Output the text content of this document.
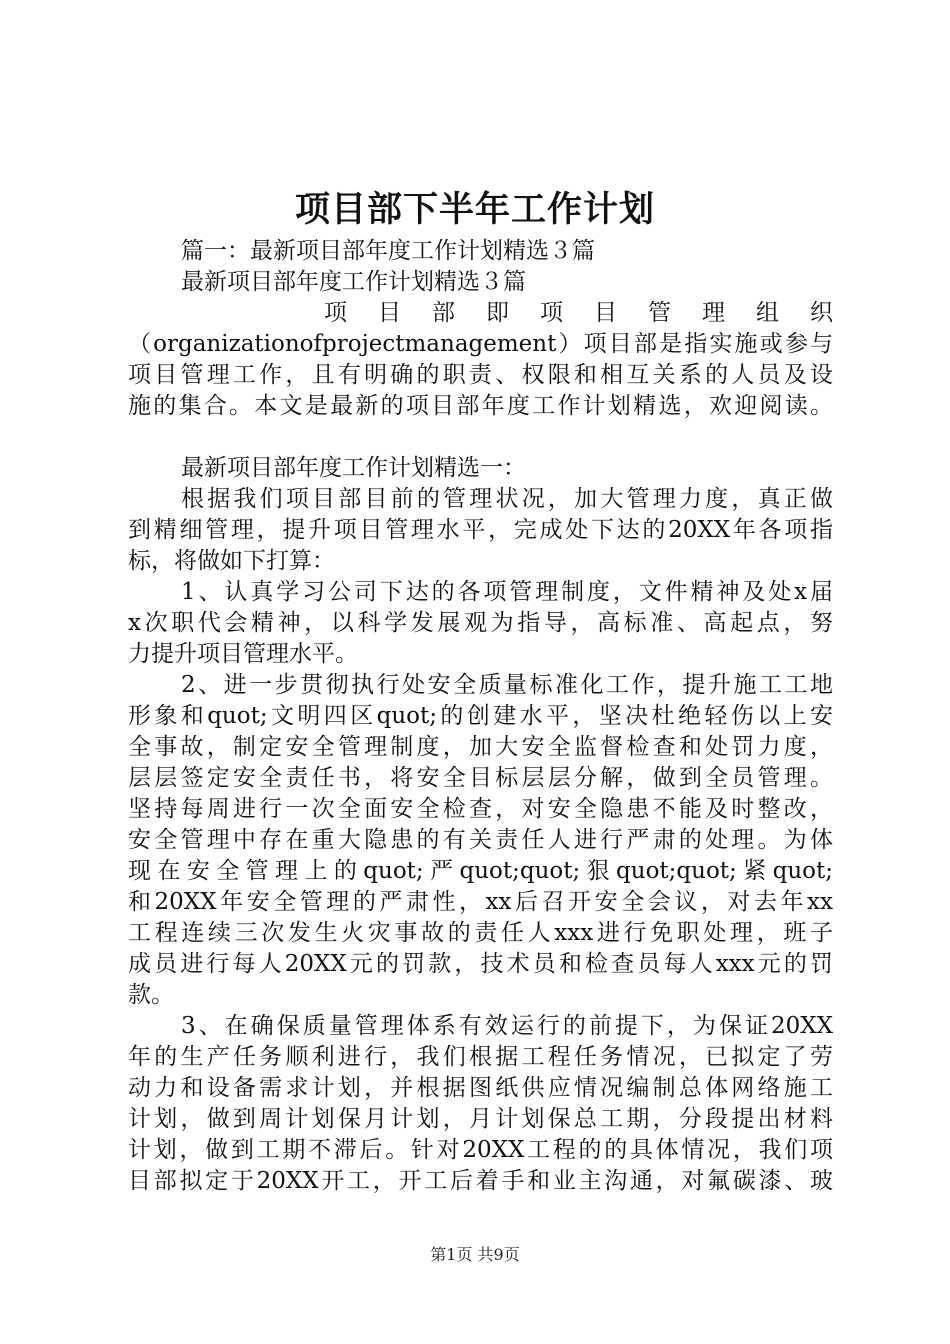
项目部下半年工作计划
篇一：最新项目部年度工作计划精选３篇
最新项目部年度工作计划精选３篇
项目部即项目管理组织
（organizationofprojectmanagement）项目部是指实施或参与
项目管理工作，且有明确的职责、权限和相互关系的人员及设
施的集合。本文是最新的项目部年度工作计划精选，欢迎阅读。
最新项目部年度工作计划精选一：
根据我们项目部目前的管理状况，加大管理力度，真正做
到精细管理，提升项目管理水平，完成处下达的20XX年各项指
标，将做如下打算：
1、认真学习公司下达的各项管理制度，文件精神及处x届
x次职代会精神，以科学发展观为指导，高标准、高起点，努
力提升项目管理水平。
2、进一步贯彻执行处安全质量标准化工作，提升施工工地
形象和quot;文明四区quot;的创建水平，坚决杜绝轻伤以上安
全事故，制定安全管理制度，加大安全监督检查和处罚力度，
层层签定安全责任书，将安全目标层层分解，做到全员管理。
坚持每周进行一次全面安全检查，对安全隐患不能及时整改，
安全管理中存在重大隐患的有关责任人进行严肃的处理。为体
现在安全管理上的quot;严quot;quot;狠quot;quot;紧quot;
和20XX年安全管理的严肃性，xx后召开安全会议，对去年xx
工程连续三次发生火灾事故的责任人xxx进行免职处理，班子
成员进行每人20XX元的罚款，技术员和检查员每人xxx元的罚
款。
3、在确保质量管理体系有效运行的前提下，为保证20XX
年的生产任务顺利进行，我们根据工程任务情况，已拟定了劳
动力和设备需求计划，并根据图纸供应情况编制总体网络施工
计划，做到周计划保月计划，月计划保总工期，分段提出材料
计划，做到工期不滞后。针对20XX工程的的具体情况，我们项
目部拟定于20XX开工，开工后着手和业主沟通，对氟碳漆、玻
第1页 共9页
